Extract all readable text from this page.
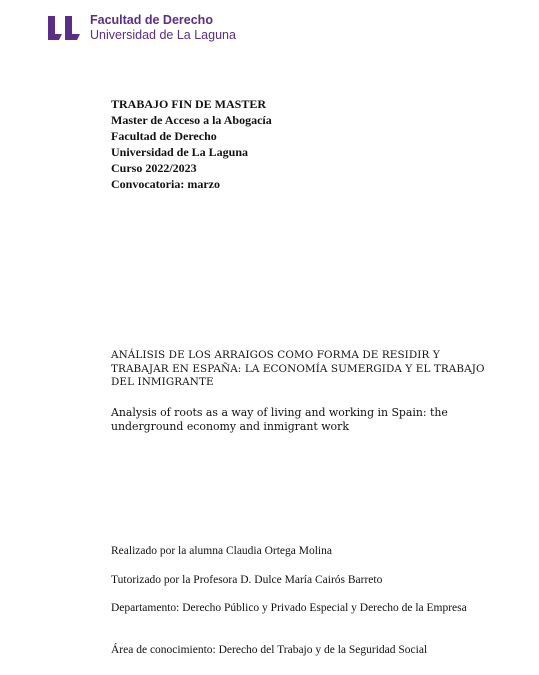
Facultad de Derecho
Universidad de La Laguna
TRABAJO FIN DE MASTER
Master de Acceso a la Abogacía
Facultad de Derecho
Universidad de La Laguna
Curso 2022/2023
Convocatoria: marzo
ANÁLISIS DE LOS ARRAIGOS COMO FORMA DE RESIDIR Y TRABAJAR EN ESPAÑA: LA ECONOMÍA SUMERGIDA Y EL TRABAJO DEL INMIGRANTE
Analysis of roots as a way of living and working in Spain: the underground economy and inmigrant work
Realizado por la alumna Claudia Ortega Molina
Tutorizado por la Profesora D. Dulce María Cairós Barreto
Departamento: Derecho Público y Privado Especial y Derecho de la Empresa
Área de conocimiento: Derecho del Trabajo y de la Seguridad Social
